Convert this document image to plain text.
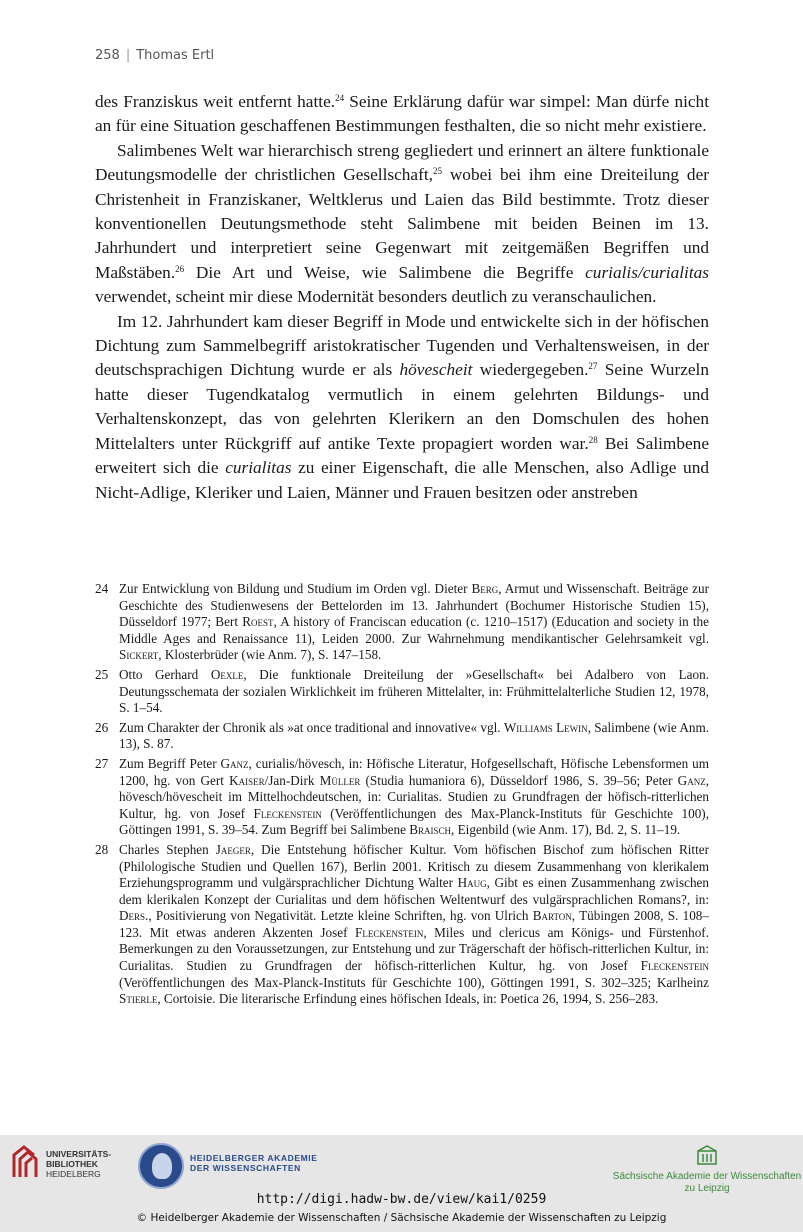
258 | Thomas Ertl

des Franziskus weit entfernt hatte.$^{24}$ Seine Erklärung dafür war simpel: Man dürfe nicht an für eine Situation geschaffenen Bestimmungen festhalten, die so nicht mehr existiere.

Salimbenes Welt war hierarchisch streng gegliedert und erinnert an ältere funktionale Deutungsmodelle der christlichen Gesellschaft,$^{25}$ wobei bei ihm eine Dreiteilung der Christenheit in Franziskaner, Weltklerus und Laien das Bild bestimmte. Trotz dieser konventionellen Deutungsmethode steht Salimbene mit beiden Beinen im 13. Jahrhundert und interpretiert seine Gegenwart mit zeitgemäßen Begriffen und Maßstäben.$^{26}$ Die Art und Weise, wie Salimbene die Begriffe curialis/curialitas verwendet, scheint mir diese Modernität besonders deutlich zu veranschaulichen.

Im 12. Jahrhundert kam dieser Begriff in Mode und entwickelte sich in der höfischen Dichtung zum Sammelbegriff aristokratischer Tugenden und Verhaltensweisen, in der deutschsprachigen Dichtung wurde er als hövescheit wiedergegeben.$^{27}$ Seine Wurzeln hatte dieser Tugendkatalog vermutlich in einem gelehrten Bildungs- und Verhaltenskonzept, das von gelehrten Klerikern an den Domschulen des hohen Mittelalters unter Rückgriff auf antike Texte propagiert worden war.$^{28}$ Bei Salimbene erweitert sich die curialitas zu einer Eigenschaft, die alle Menschen, also Adlige und Nicht-Adlige, Kleriker und Laien, Männer und Frauen besitzen oder anstreben

24 Zur Entwicklung von Bildung und Studium im Orden vgl. Dieter Berg, Armut und Wissenschaft. Beiträge zur Geschichte des Studienwesens der Bettelorden im 13. Jahrhundert (Bochumer Historische Studien 15), Düsseldorf 1977; Bert Roest, A history of Franciscan education (c. 1210–1517) (Education and society in the Middle Ages and Renaissance 11), Leiden 2000. Zur Wahrnehmung mendikantischer Gelehrsamkeit vgl. Sickert, Klosterbrüder (wie Anm. 7), S. 147–158.
25 Otto Gerhard Oexle, Die funktionale Dreiteilung der »Gesellschaft« bei Adalbero von Laon. Deutungsschemata der sozialen Wirklichkeit im früheren Mittelalter, in: Frühmittelalterliche Studien 12, 1978, S. 1–54.
26 Zum Charakter der Chronik als »at once traditional and innovative« vgl. Williams Lewin, Salimbene (wie Anm. 13), S. 87.
27 Zum Begriff Peter Ganz, curialis/hövesch, in: Höfische Literatur, Hofgesellschaft, Höfische Lebensformen um 1200, hg. von Gert Kaiser/Jan-Dirk Müller (Studia humaniora 6), Düsseldorf 1986, S. 39–56; Peter Ganz, hövesch/hövescheit im Mittelhochdeutschen, in: Curialitas. Studien zu Grundfragen der höfisch-ritterlichen Kultur, hg. von Josef Fleckenstein (Veröffentlichungen des Max-Planck-Instituts für Geschichte 100), Göttingen 1991, S. 39–54. Zum Begriff bei Salimbene Braisch, Eigenbild (wie Anm. 17), Bd. 2, S. 11–19.
28 Charles Stephen Jaeger, Die Entstehung höfischer Kultur. Vom höfischen Bischof zum höfischen Ritter (Philologische Studien und Quellen 167), Berlin 2001. Kritisch zu diesem Zusammenhang von klerikalem Erziehungsprogramm und vulgärsprachlicher Dichtung Walter Haug, Gibt es einen Zusammenhang zwischen dem klerikalen Konzept der Curialitas und dem höfischen Weltentwurf des vulgärsprachlichen Romans?, in: Ders., Positivierung von Negativität. Letzte kleine Schriften, hg. von Ulrich Barton, Tübingen 2008, S. 108–123. Mit etwas anderen Akzenten Josef Fleckenstein, Miles und clericus am Königs- und Fürstenhof. Bemerkungen zu den Voraussetzungen, zur Entstehung und zur Trägerschaft der höfisch-ritterlichen Kultur, in: Curialitas. Studien zu Grundfragen der höfisch-ritterlichen Kultur, hg. von Josef Fleckenstein (Veröffentlichungen des Max-Planck-Instituts für Geschichte 100), Göttingen 1991, S. 302–325; Karlheinz Stierle, Cortoisie. Die literarische Erfindung eines höfischen Ideals, in: Poetica 26, 1994, S. 256–283.
UNIVERSITÄTS-
BIBLIOTHEK
HEIDELBERG
HEIDELBERGER AKADEMIE
DER WISSENSCHAFTEN
Sächsische Akademie der Wissenschaften
zu Leipzig
http://digi.hadw-bw.de/view/kai1/0259
© Heidelberger Akademie der Wissenschaften / Sächsische Akademie der Wissenschaften zu Leipzig
